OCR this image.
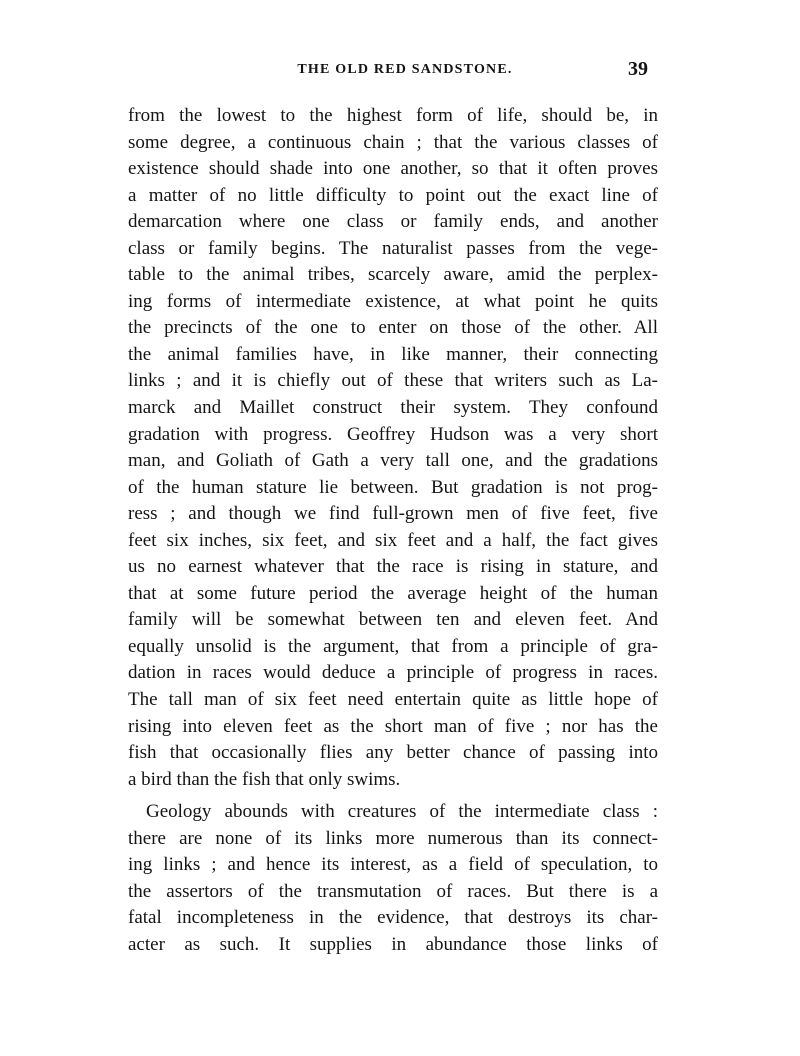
THE OLD RED SANDSTONE.	39
from the lowest to the highest form of life, should be, in
some degree, a continuous chain ; that the various classes of
existence should shade into one another, so that it often proves
a matter of no little difficulty to point out the exact line of
demarcation where one class or family ends, and another
class or family begins. The naturalist passes from the vege-
table to the animal tribes, scarcely aware, amid the perplex-
ing forms of intermediate existence, at what point he quits
the precincts of the one to enter on those of the other. All
the animal families have, in like manner, their connecting
links ; and it is chiefly out of these that writers such as La-
marck and Maillet construct their system. They confound
gradation with progress. Geoffrey Hudson was a very short
man, and Goliath of Gath a very tall one, and the gradations
of the human stature lie between. But gradation is not prog-
ress ; and though we find full-grown men of five feet, five
feet six inches, six feet, and six feet and a half, the fact gives
us no earnest whatever that the race is rising in stature, and
that at some future period the average height of the human
family will be somewhat between ten and eleven feet. And
equally unsolid is the argument, that from a principle of gra-
dation in races would deduce a principle of progress in races.
The tall man of six feet need entertain quite as little hope of
rising into eleven feet as the short man of five ; nor has the
fish that occasionally flies any better chance of passing into
a bird than the fish that only swims.
Geology abounds with creatures of the intermediate class :
there are none of its links more numerous than its connect-
ing links ; and hence its interest, as a field of speculation, to
the assertors of the transmutation of races. But there is a
fatal incompleteness in the evidence, that destroys its char-
acter as such. It supplies in abundance those links of
